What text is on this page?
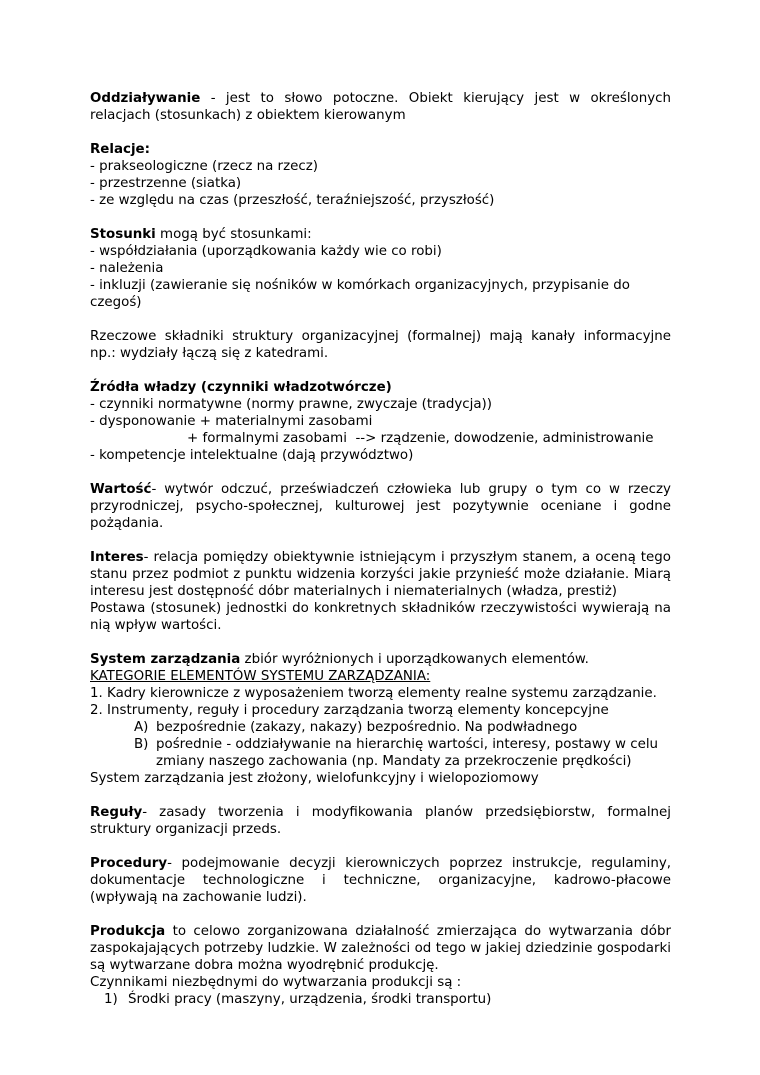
Oddziaływanie - jest to słowo potoczne. Obiekt kierujący jest w określonych relacjach (stosunkach) z obiektem kierowanym
Relacje:
- prakseologiczne (rzecz na rzecz)
- przestrzenne (siatka)
- ze względu na czas (przeszłość, teraźniejszość, przyszłość)
Stosunki mogą być stosunkami:
- współdziałania (uporządkowania każdy wie co robi)
- należenia
- inkluzji (zawieranie się nośników w komórkach organizacyjnych, przypisanie do czegoś)
Rzeczowe składniki struktury organizacyjnej (formalnej) mają kanały informacyjne np.: wydziały łączą się z katedrami.
Źródła władzy (czynniki władzotwórcze)
- czynniki normatywne (normy prawne, zwyczaje (tradycja))
- dysponowanie + materialnymi zasobami
+ formalnymi zasobami  --> rządzenie, dowodzenie, administrowanie
- kompetencje intelektualne (dają przywództwo)
Wartość- wytwór odczuć, przeświadczeń człowieka lub grupy o tym co w rzeczy przyrodniczej, psycho-społecznej, kulturowej jest pozytywnie oceniane i godne pożądania.
Interes- relacja pomiędzy obiektywnie istniejącym i przyszłym stanem, a oceną tego stanu przez podmiot z punktu widzenia korzyści jakie przynieść może działanie. Miarą interesu jest dostępność dóbr materialnych i niematerialnych (władza, prestiż)
Postawa (stosunek) jednostki do konkretnych składników rzeczywistości wywierają na nią wpływ wartości.
System zarządzania zbiór wyróżnionych i uporządkowanych elementów.
KATEGORIE ELEMENTÓW SYSTEMU ZARZĄDZANIA:
1. Kadry kierownicze z wyposażeniem tworzą elementy realne systemu zarządzanie.
2. Instrumenty, reguły i procedury zarządzania tworzą elementy koncepcyjne
A) bezpośrednie (zakazy, nakazy) bezpośrednio. Na podwładnego
B) pośrednie - oddziaływanie na hierarchię wartości, interesy, postawy w celu zmiany naszego zachowania (np. Mandaty za przekroczenie prędkości)
System zarządzania jest złożony, wielofunkcyjny i wielopoziomowy
Reguły- zasady tworzenia i modyfikowania planów przedsiębiorstw, formalnej struktury organizacji przeds.
Procedury- podejmowanie decyzji kierowniczych poprzez instrukcje, regulaminy, dokumentacje technologiczne i techniczne, organizacyjne, kadrowo-płacowe (wpływają na zachowanie ludzi).
Produkcja to celowo zorganizowana działalność zmierzająca do wytwarzania dóbr zaspokajających potrzeby ludzkie. W zależności od tego w jakiej dziedzinie gospodarki są wytwarzane dobra można wyodrębnić produkcję.
Czynnikami niezbędnymi do wytwarzania produkcji są :
1) Środki pracy (maszyny, urządzenia, środki transportu)
